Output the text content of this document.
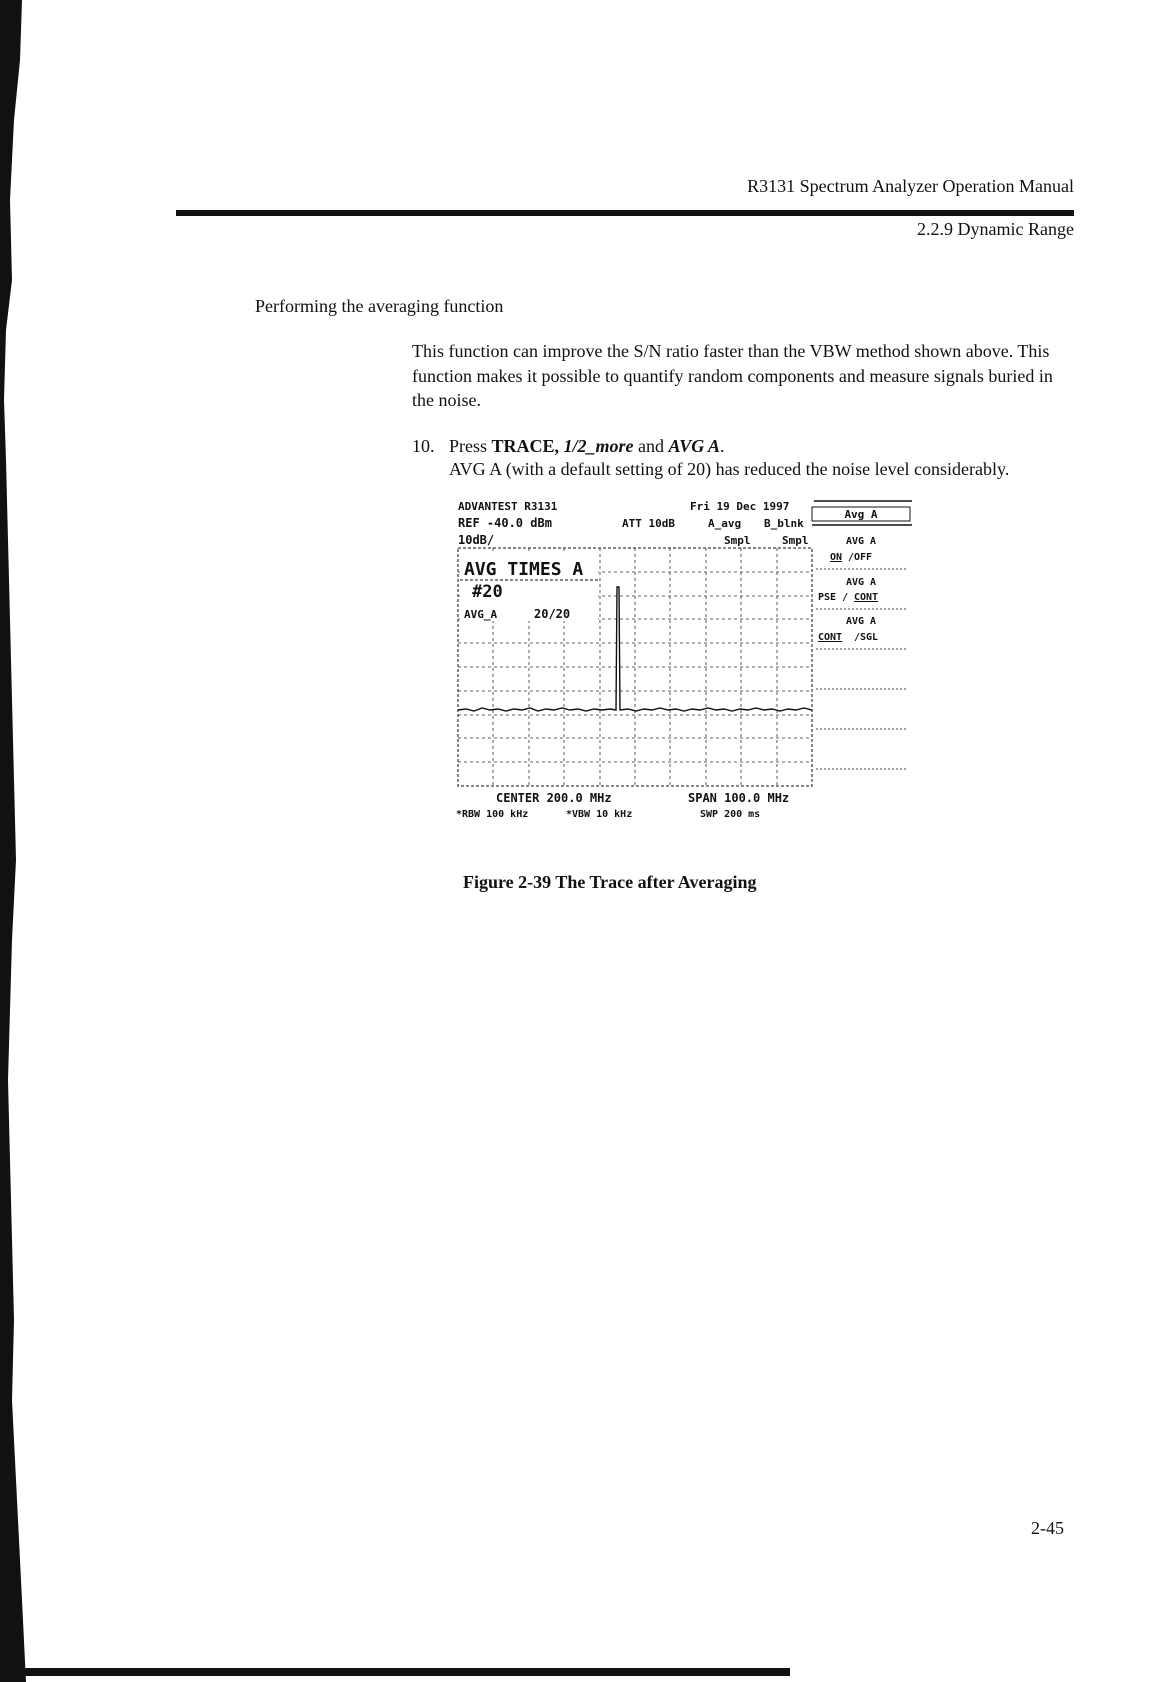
R3131 Spectrum Analyzer Operation Manual
2.2.9 Dynamic Range
Performing the averaging function

This function can improve the S/N ratio faster than the VBW method shown above. This function makes it possible to quantify random components and measure signals buried in the noise.

10. Press TRACE, 1/2_more and AVG A.
AVG A (with a default setting of 20) has reduced the noise level considerably.
ADVANTEST R3131	Fri 19 Dec 1997
REF -40.0 dBm	ATT 10dB	A_avg B_blnk
10dB/	Smpl	Smpl
AVG TIMES A
#20
AVG_A	20/20
Avg A
AVG A
ON /OFF
AVG A
PSE / CONT
AVG A
CONT /SGL
CENTER 200.0 MHz	SPAN 100.0 MHz
*RBW 100 kHz	*VBW 10 kHz	SWP 200 ms
Figure 2-39 The Trace after Averaging
2-45
